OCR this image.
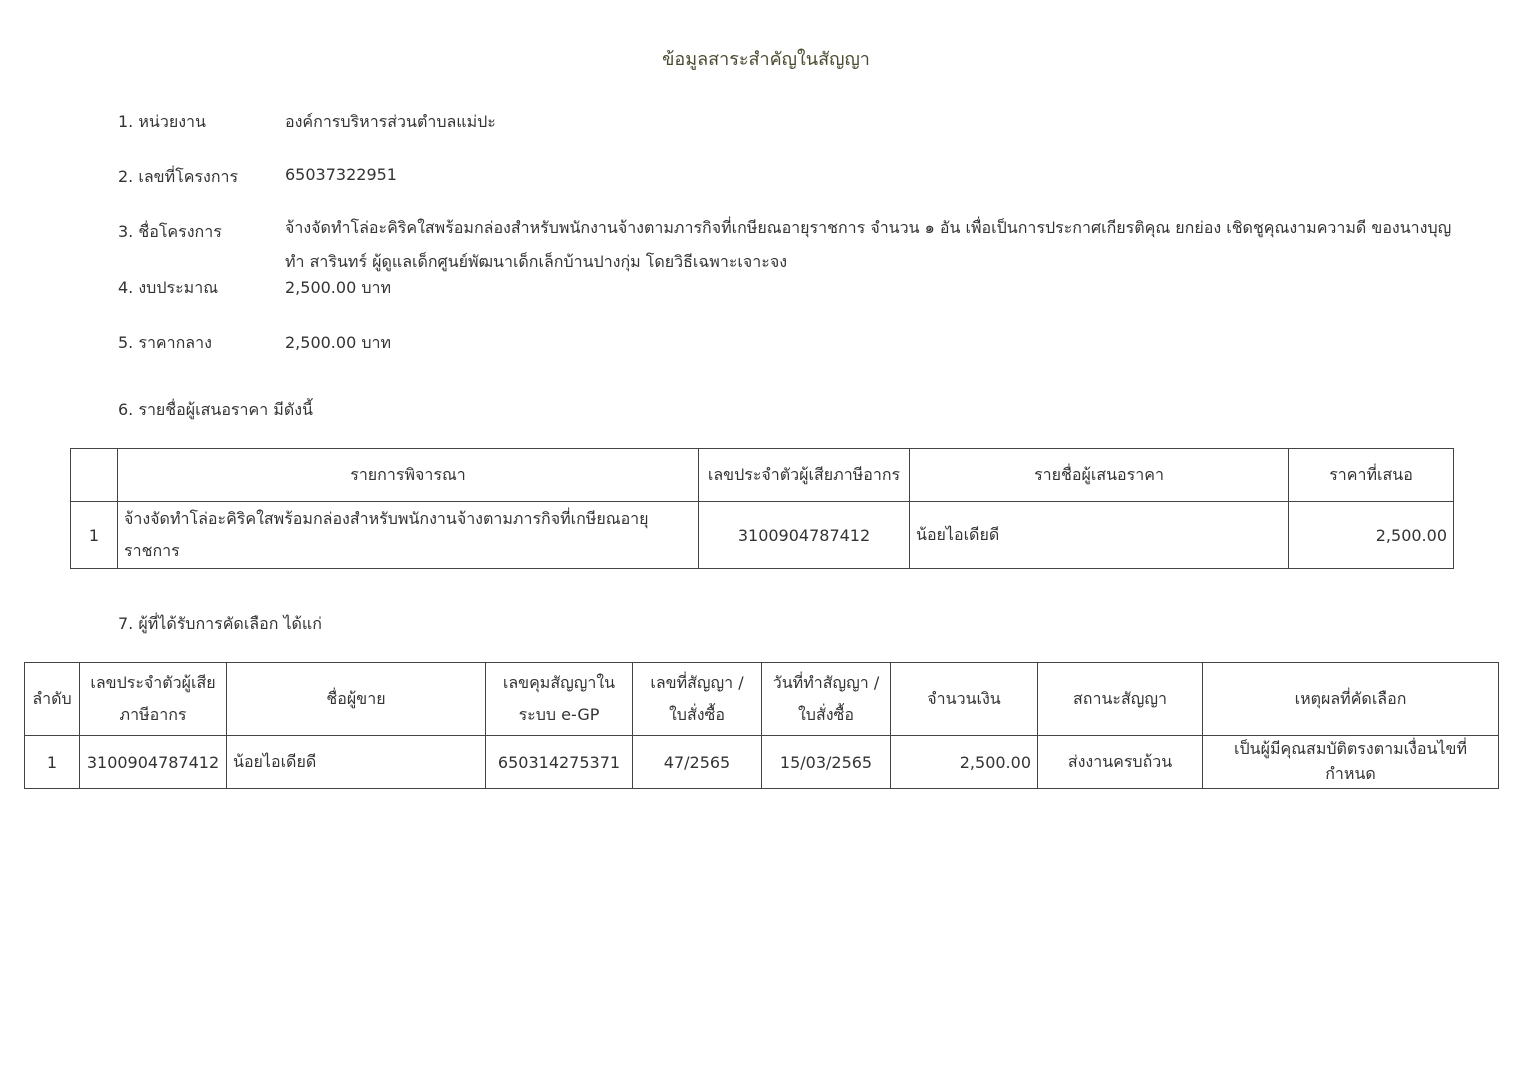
ข้อมูลสาระสำคัญในสัญญา
1. หน่วยงาน	องค์การบริหารส่วนตำบลแม่ปะ
2. เลขที่โครงการ	65037322951
3. ชื่อโครงการ	จ้างจัดทำโล่อะคิริคใสพร้อมกล่องสำหรับพนักงานจ้างตามภารกิจที่เกษียณอายุราชการ จำนวน ๑ อัน เพื่อเป็นการประกาศเกียรติคุณ ยกย่อง เชิดชูคุณงามความดี ของนางบุญทำ สารินทร์ ผู้ดูแลเด็กศูนย์พัฒนาเด็กเล็กบ้านปางกุ่ม โดยวิธีเฉพาะเจาะจง
4. งบประมาณ	2,500.00 บาท
5. ราคากลาง	2,500.00 บาท
6. รายชื่อผู้เสนอราคา มีดังนี้
	รายการพิจารณา	เลขประจำตัวผู้เสียภาษีอากร	รายชื่อผู้เสนอราคา	ราคาที่เสนอ
1	จ้างจัดทำโล่อะคิริคใสพร้อมกล่องสำหรับพนักงานจ้างตามภารกิจที่เกษียณอายุราชการ	3100904787412	น้อยไอเดียดี	2,500.00
7. ผู้ที่ได้รับการคัดเลือก ได้แก่
ลำดับ	เลขประจำตัวผู้เสียภาษีอากร	ชื่อผู้ขาย	เลขคุมสัญญาในระบบ e-GP	เลขที่สัญญา / ใบสั่งซื้อ	วันที่ทำสัญญา / ใบสั่งซื้อ	จำนวนเงิน	สถานะสัญญา	เหตุผลที่คัดเลือก
1	3100904787412	น้อยไอเดียดี	650314275371	47/2565	15/03/2565	2,500.00	ส่งงานครบถ้วน	เป็นผู้มีคุณสมบัติตรงตามเงื่อนไขที่กำหนด
